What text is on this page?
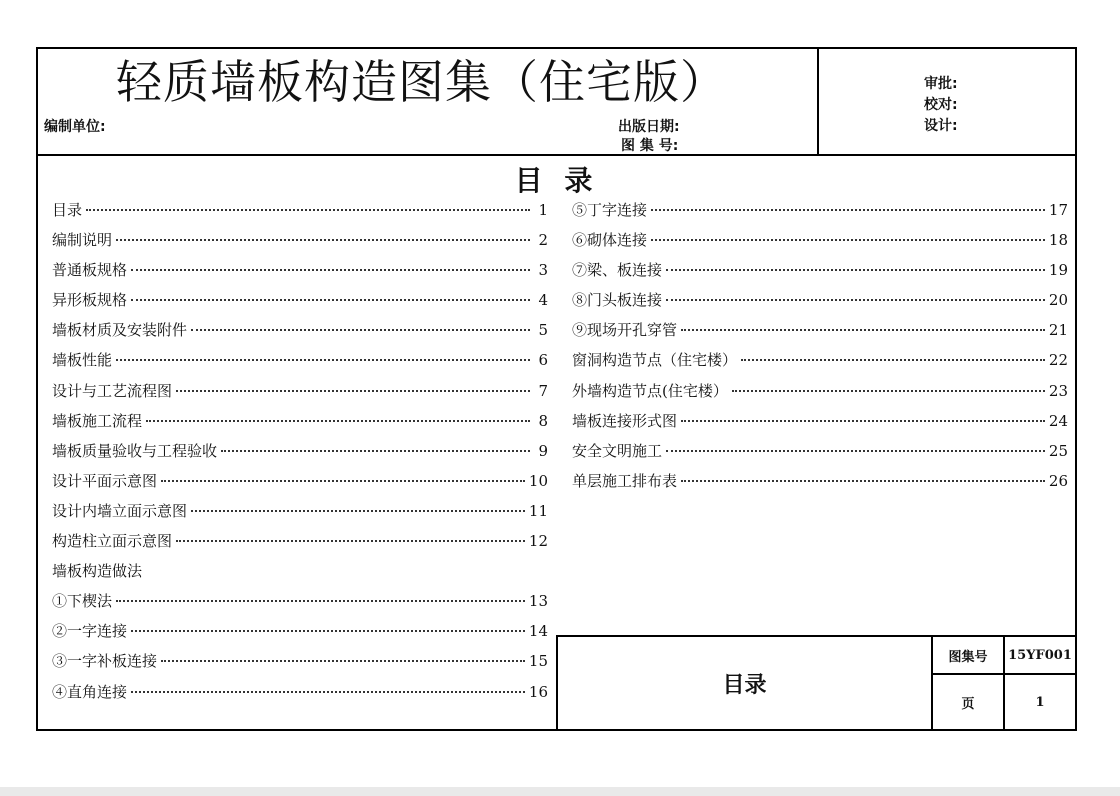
轻质墙板构造图集（住宅版）
编制单位:	出版日期:
图 集 号:
审批:
校对:
设计:
目 录
目录	1
编制说明	2
普通板规格	3
异形板规格	4
墙板材质及安装附件	5
墙板性能	6
设计与工艺流程图	7
墙板施工流程	8
墙板质量验收与工程验收	9
设计平面示意图	10
设计内墙立面示意图	11
构造柱立面示意图	12
墙板构造做法
①下楔法	13
②一字连接	14
③一字补板连接	15
④直角连接	16
⑤丁字连接	17
⑥砌体连接	18
⑦梁、板连接	19
⑧门头板连接	20
⑨现场开孔穿管	21
窗洞构造节点（住宅楼）	22
外墙构造节点(住宅楼）	23
墙板连接形式图	24
安全文明施工	25
单层施工排布表	26
目录
图集号	15YF001
页	1
